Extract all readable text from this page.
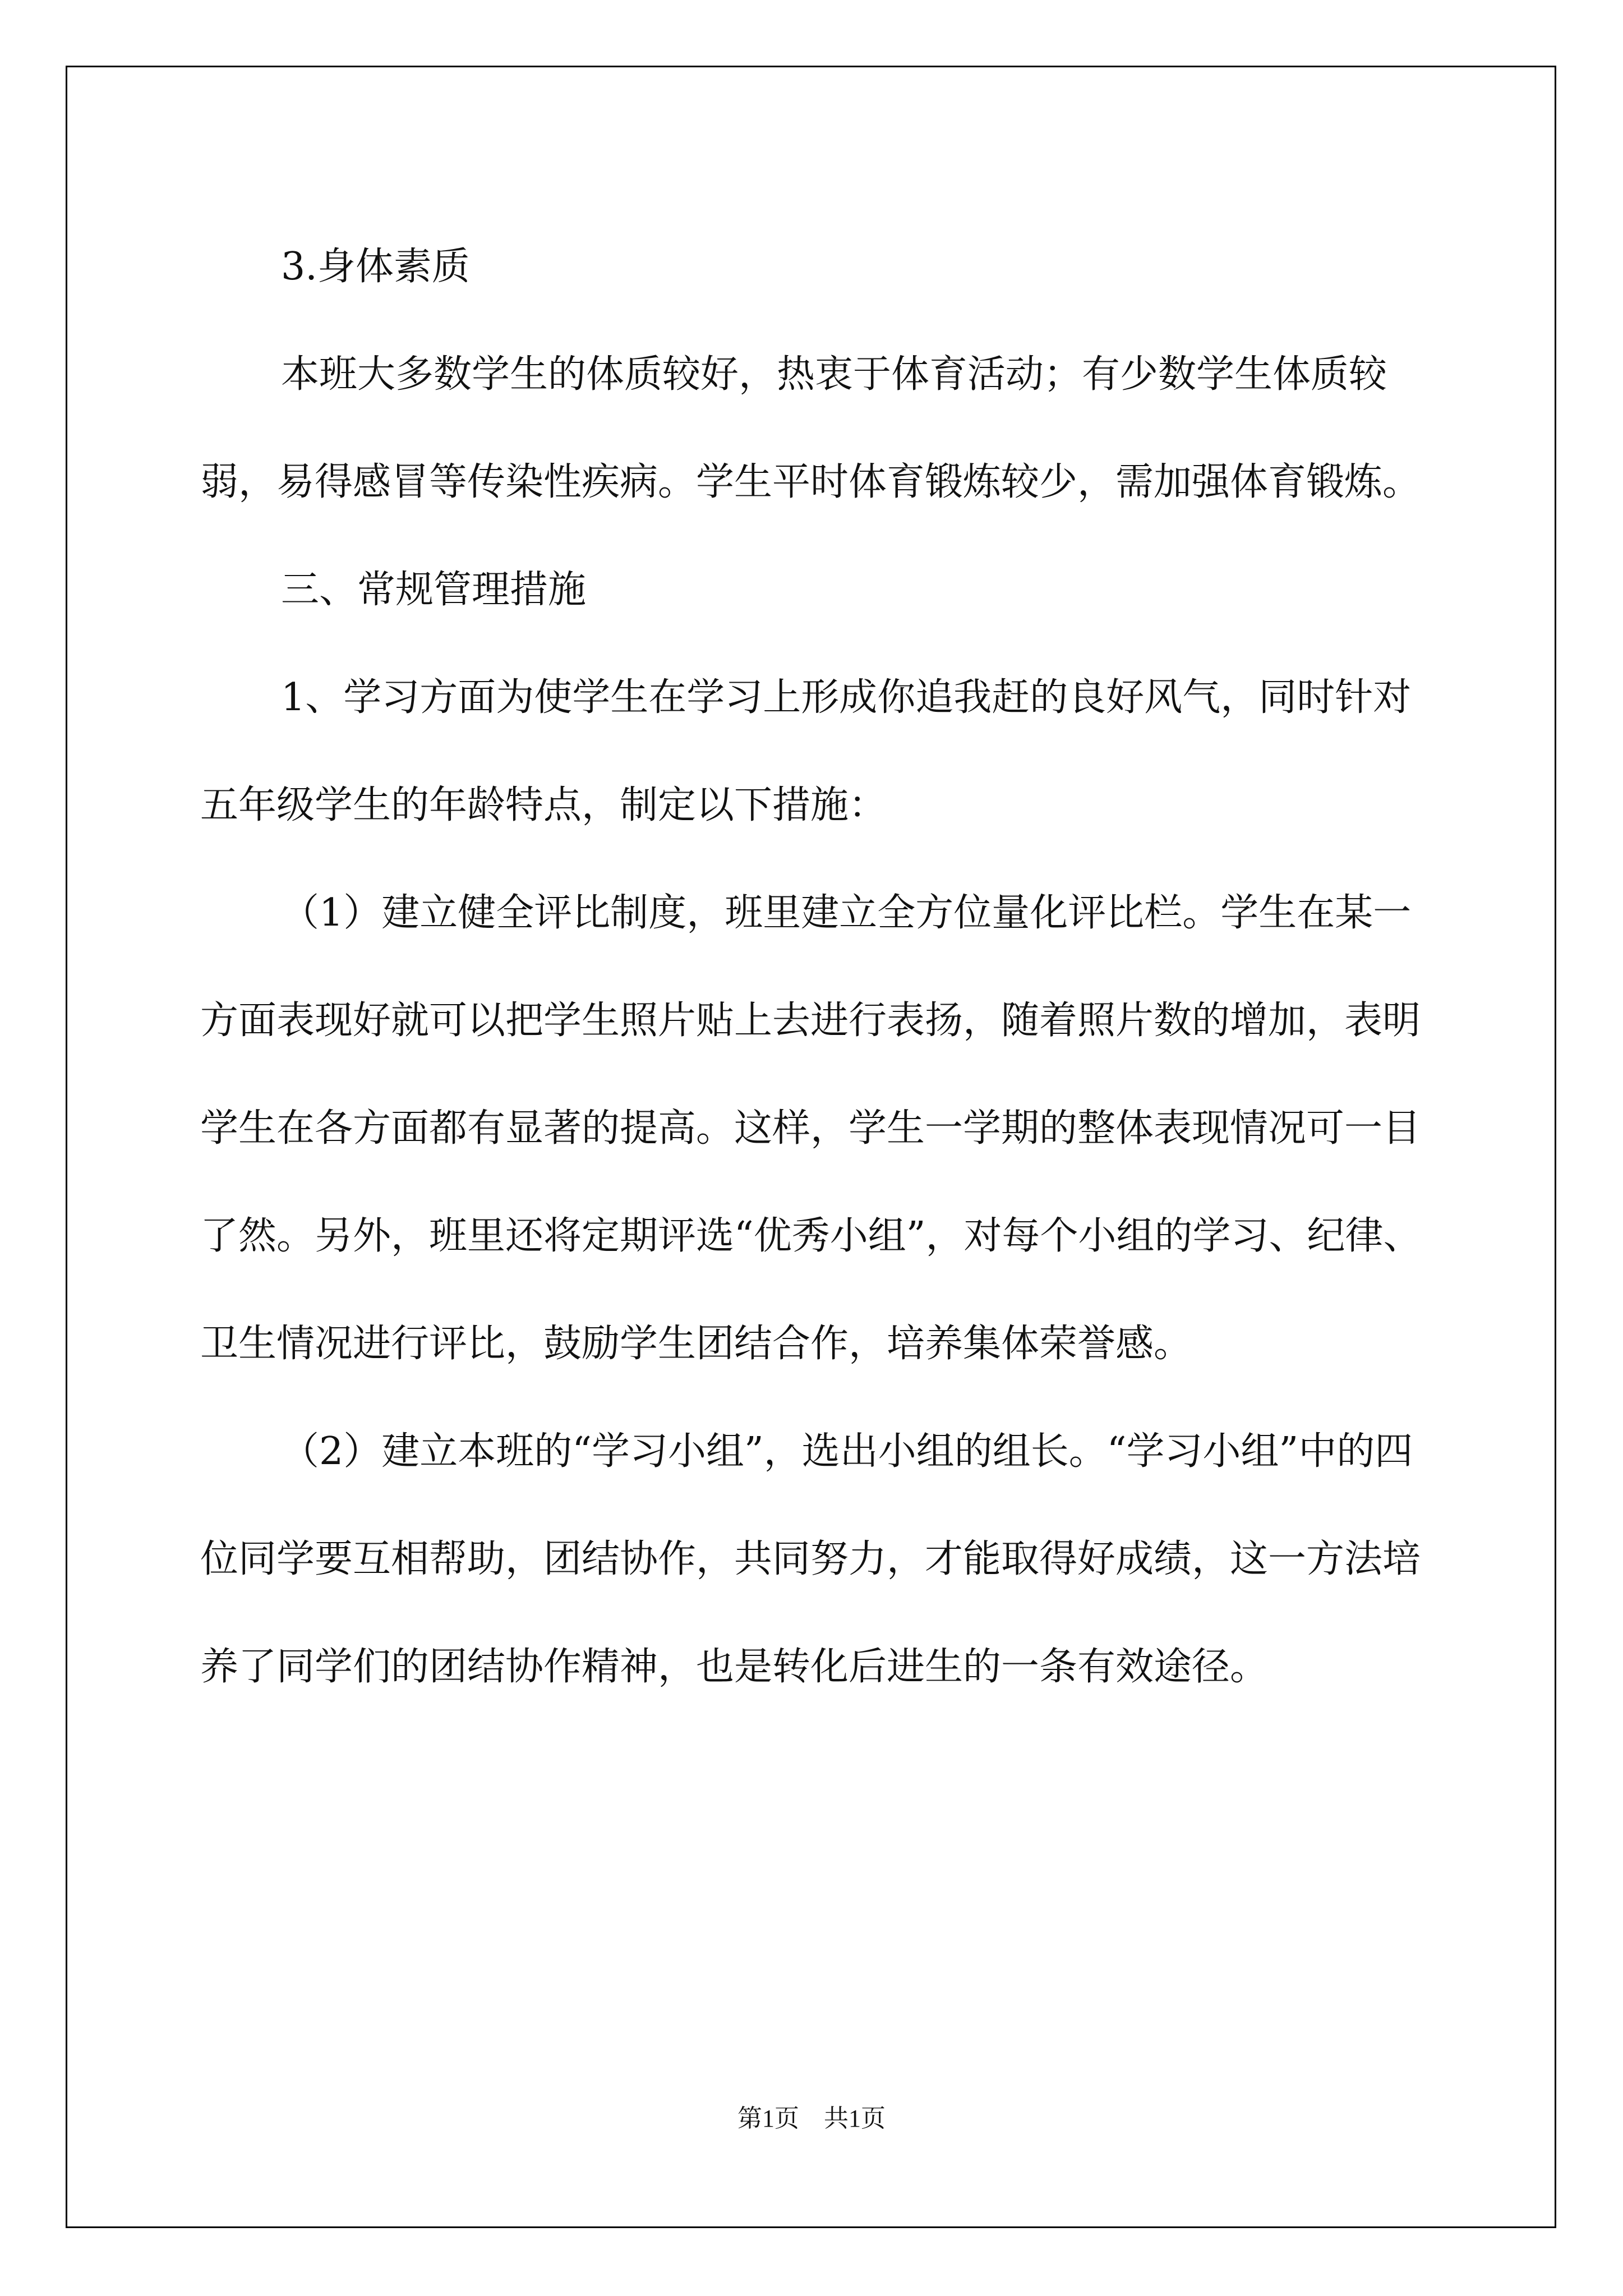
3.身体素质

本班大多数学生的体质较好，热衷于体育活动；有少数学生体质较弱，易得感冒等传染性疾病。学生平时体育锻炼较少，需加强体育锻炼。

三、常规管理措施

1、学习方面为使学生在学习上形成你追我赶的良好风气，同时针对五年级学生的年龄特点，制定以下措施：

（1）建立健全评比制度，班里建立全方位量化评比栏。学生在某一方面表现好就可以把学生照片贴上去进行表扬，随着照片数的增加，表明学生在各方面都有显著的提高。这样，学生一学期的整体表现情况可一目了然。另外，班里还将定期评选“优秀小组”，对每个小组的学习、纪律、卫生情况进行评比，鼓励学生团结合作，培养集体荣誉感。

（2）建立本班的“学习小组”，选出小组的组长。“学习小组”中的四位同学要互相帮助，团结协作，共同努力，才能取得好成绩，这一方法培养了同学们的团结协作精神，也是转化后进生的一条有效途径。

第1页 共1页
